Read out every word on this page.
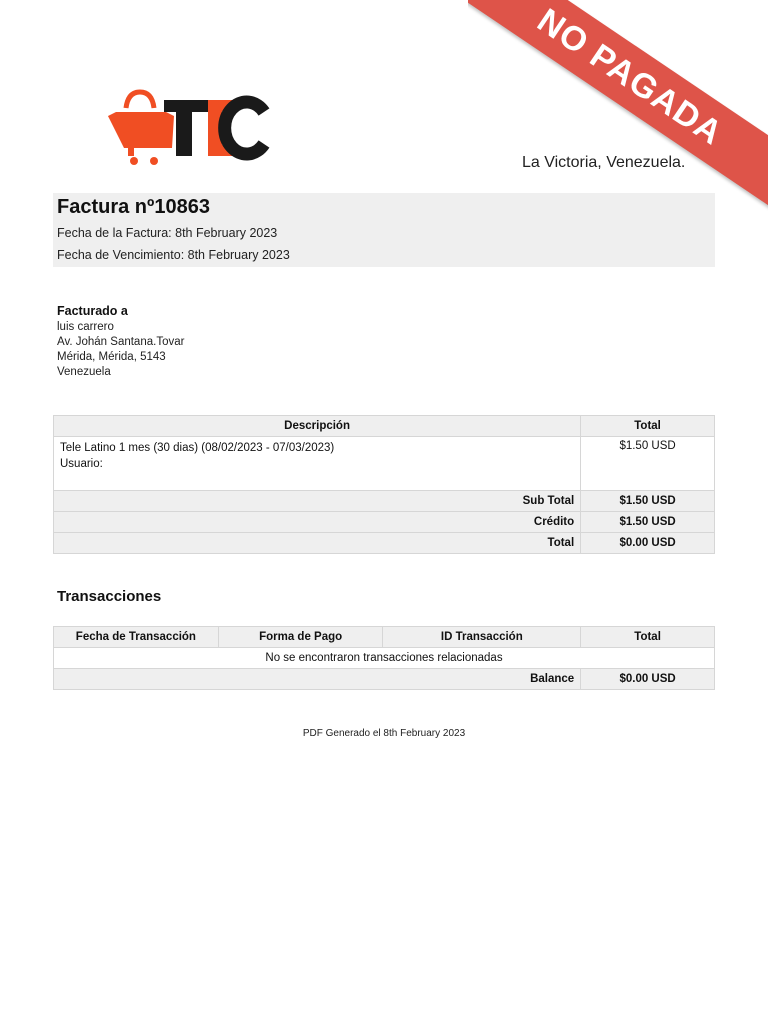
NO PAGADA
La Victoria, Venezuela.
Factura nº10863
Fecha de la Factura: 8th February 2023
Fecha de Vencimiento: 8th February 2023
Facturado a
luis carrero
Av. Johán Santana.Tovar
Mérida, Mérida, 5143
Venezuela
Descripción	Total

Tele Latino 1 mes (30 dias) (08/02/2023 - 07/03/2023)
Usuario:	$1.50 USD
Sub Total	$1.50 USD
Crédito	$1.50 USD
Total	$0.00 USD
Transacciones
Fecha de Transacción	Forma de Pago	ID Transacción	Total
No se encontraron transacciones relacionadas			
Balance			$0.00 USD
PDF Generado el 8th February 2023
